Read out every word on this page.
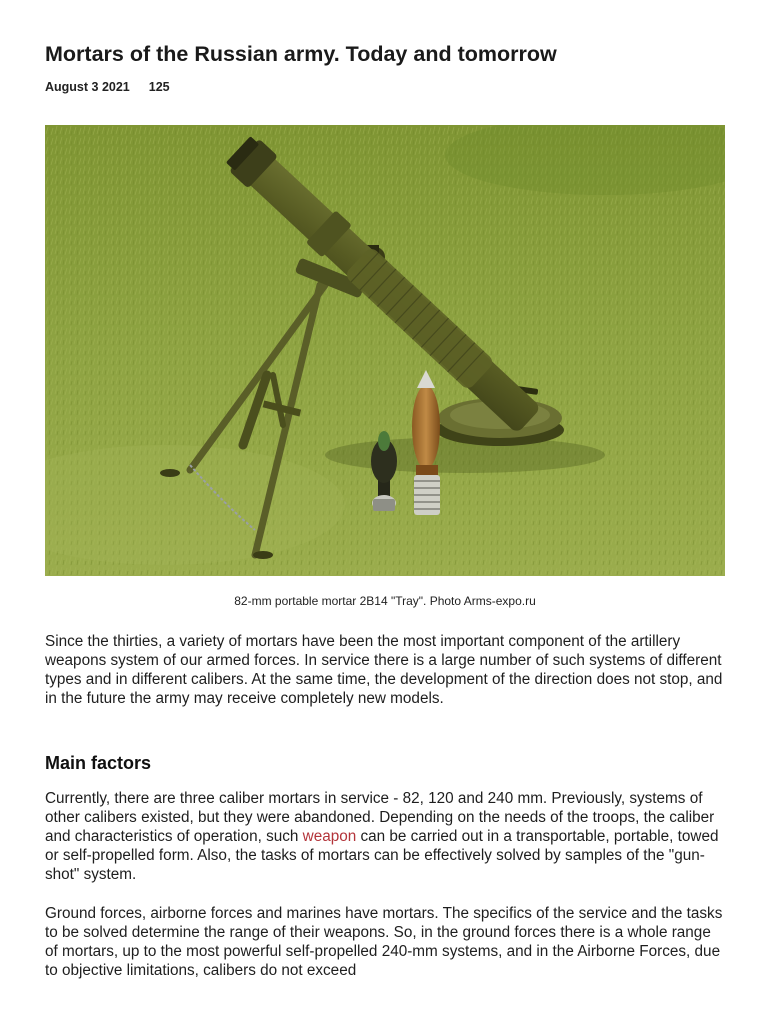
Mortars of the Russian army. Today and tomorrow
August 3 2021 125
82-mm portable mortar 2B14 "Tray". Photo Arms-expo.ru

Since the thirties, a variety of mortars have been the most important component of the artillery weapons system of our armed forces. In service there is a large number of such systems of different types and in different calibers. At the same time, the development of the direction does not stop, and in the future the army may receive completely new models.

Main factors

Currently, there are three caliber mortars in service - 82, 120 and 240 mm. Previously, systems of other calibers existed, but they were abandoned. Depending on the needs of the troops, the caliber and characteristics of operation, such weapon can be carried out in a transportable, portable, towed or self-propelled form. Also, the tasks of mortars can be effectively solved by samples of the "gun-shot" system.

Ground forces, airborne forces and marines have mortars. The specifics of the service and the tasks to be solved determine the range of their weapons. So, in the ground forces there is a whole range of mortars, up to the most powerful self-propelled 240-mm systems, and in the Airborne Forces, due to objective limitations, calibers do not exceed
